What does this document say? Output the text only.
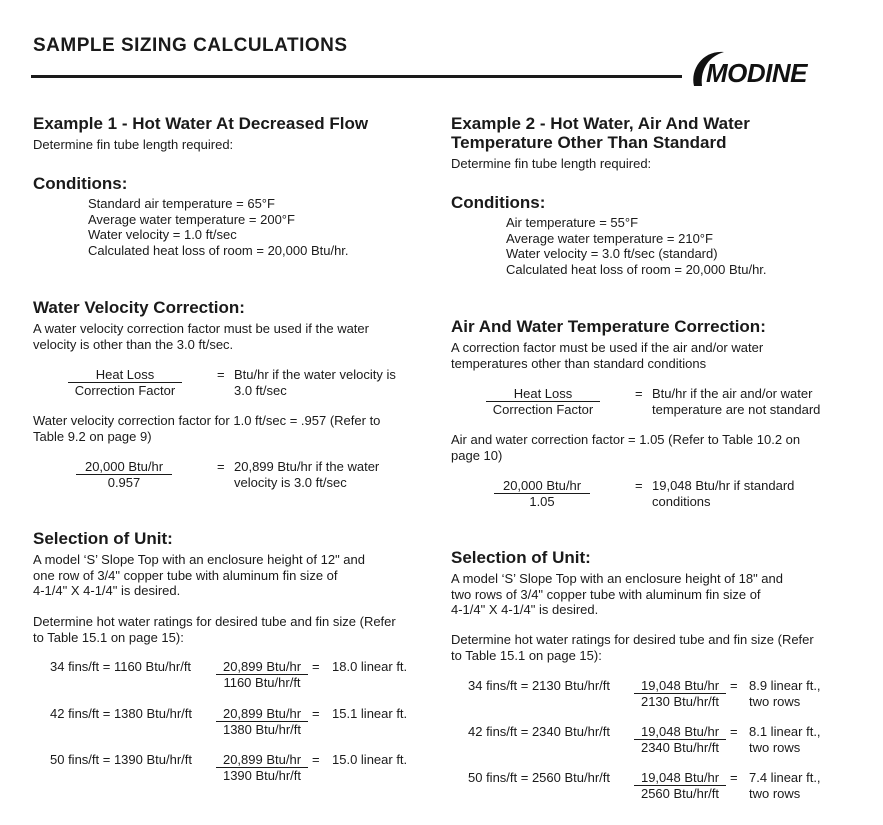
SAMPLE SIZING CALCULATIONS
MODINE
Example 1 - Hot Water At Decreased Flow
Determine fin tube length required:
Conditions:
Standard air temperature = 65°F
Average water temperature = 200°F
Water velocity = 1.0 ft/sec
Calculated heat loss of room = 20,000 Btu/hr.
Water Velocity Correction:
A water velocity correction factor must be used if the water
velocity is other than the 3.0 ft/sec.
Heat Loss
Correction Factor
= Btu/hr if the water velocity is
3.0 ft/sec
Water velocity correction factor for 1.0 ft/sec = .957 (Refer to
Table 9.2 on page 9)
20,000 Btu/hr
0.957
= 20,899 Btu/hr if the water
velocity is 3.0 ft/sec
Selection of Unit:
A model ‘S’ Slope Top with an enclosure height of 12" and
one row of 3/4" copper tube with aluminum fin size of
4-1/4" X 4-1/4" is desired.
Determine hot water ratings for desired tube and fin size (Refer
to Table 15.1 on page 15):
34 fins/ft = 1160 Btu/hr/ft	20,899 Btu/hr
1160 Btu/hr/ft
= 18.0 linear ft.
42 fins/ft = 1380 Btu/hr/ft	20,899 Btu/hr
1380 Btu/hr/ft
= 15.1 linear ft.
50 fins/ft = 1390 Btu/hr/ft	20,899 Btu/hr
1390 Btu/hr/ft
= 15.0 linear ft.
Example 2 - Hot Water, Air And Water
Temperature Other Than Standard
Determine fin tube length required:
Conditions:
Air temperature = 55°F
Average water temperature = 210°F
Water velocity = 3.0 ft/sec (standard)
Calculated heat loss of room = 20,000 Btu/hr.
Air And Water Temperature Correction:
A correction factor must be used if the air and/or water
temperatures other than standard conditions
Heat Loss
Correction Factor
= Btu/hr if the air and/or water
temperature are not standard
Air and water correction factor = 1.05 (Refer to Table 10.2 on
page 10)
20,000 Btu/hr
1.05
= 19,048 Btu/hr if standard
conditions
Selection of Unit:
A model ‘S’ Slope Top with an enclosure height of 18" and
two rows of 3/4" copper tube with aluminum fin size of
4-1/4" X 4-1/4" is desired.
Determine hot water ratings for desired tube and fin size (Refer
to Table 15.1 on page 15):
34 fins/ft = 2130 Btu/hr/ft	19,048 Btu/hr
2130 Btu/hr/ft
= 8.9 linear ft.,
two rows
42 fins/ft = 2340 Btu/hr/ft	19,048 Btu/hr
2340 Btu/hr/ft
= 8.1 linear ft.,
two rows
50 fins/ft = 2560 Btu/hr/ft	19,048 Btu/hr
2560 Btu/hr/ft
= 7.4 linear ft.,
two rows
